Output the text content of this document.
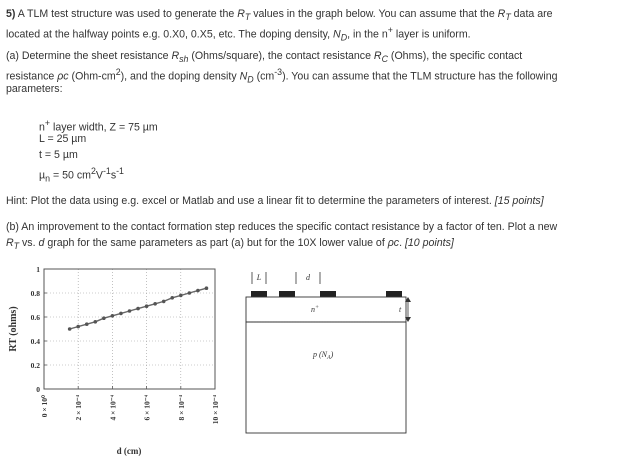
5) A TLM test structure was used to generate the $R_T$ values in the graph below. You can assume that the $R_T$ data are
located at the halfway points e.g. 0.X0, 0.X5, etc. The doping density, $N_D$, in the n+ layer is uniform.
(a) Determine the sheet resistance $R_{sh}$ (Ohms/square), the contact resistance $R_C$ (Ohms), the specific contact
resistance ρc $(Ohm-cm^2)$, and the doping density $N_D$ $(cm^{-3})$. You can assume that the TLM structure has the following
parameters:
n+ layer width, Z = 75 µm
L = 25 µm
t = 5 µm
µ$_n$ = 50 $cm^2V^{-1}s^{-1}$
Hint: Plot the data using e.g. excel or Matlab and use a linear fit to determine the parameters of interest. [15 points]
(b) An improvement to the contact formation step reduces the specific contact resistance by a factor of ten. Plot a new
$R_T$ vs. d graph for the same parameters as part (a) but for the 10X lower value of ρc. [10 points]
0
0.2
0.4
0.6
0.8
1
0 × 10⁰	2 × 10⁻⁴	4 × 10⁻⁴	6 × 10⁻⁴	8 × 10⁻⁴	10 × 10⁻⁴
RT (ohms)
d (cm)
L	d
n+	t
p $(N_A)$
